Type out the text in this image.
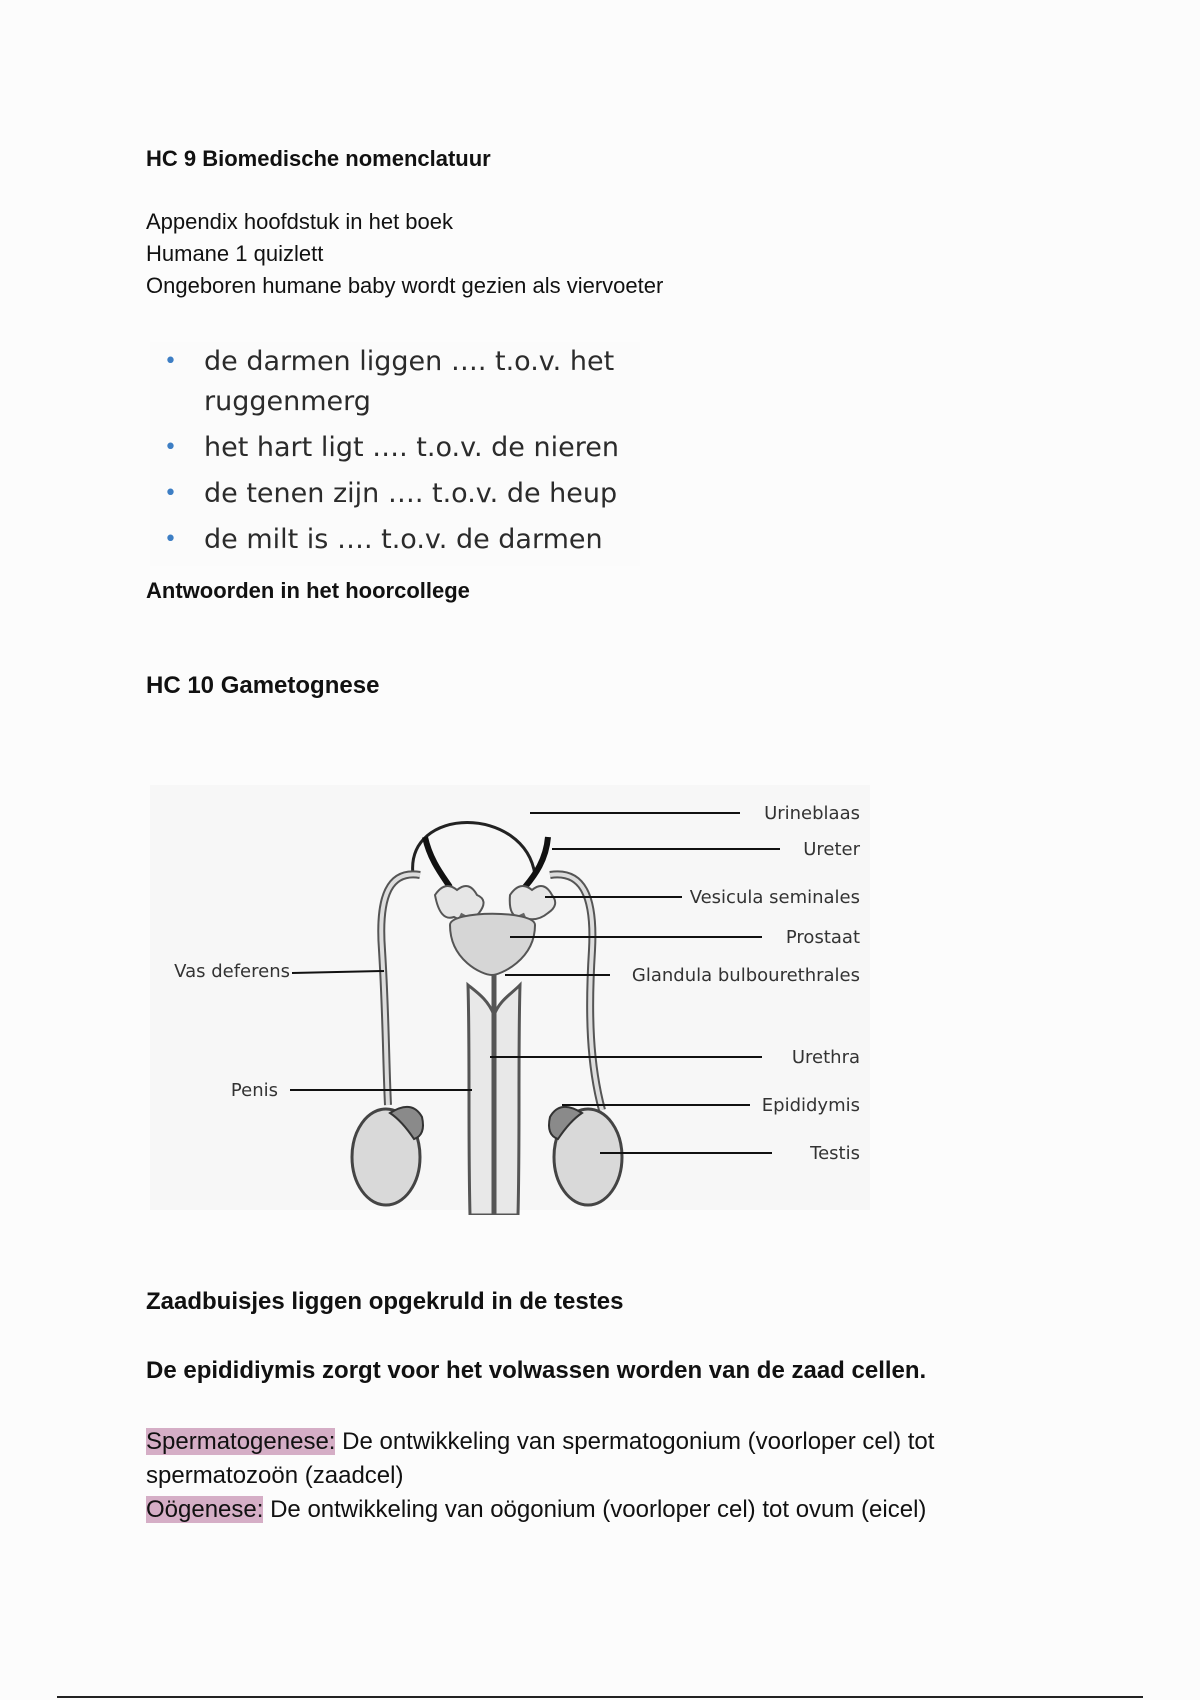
HC 9 Biomedische nomenclatuur
Appendix hoofdstuk in het boek
Humane 1 quizlett
Ongeboren humane baby wordt gezien als viervoeter
• de darmen liggen …. t.o.v. het ruggenmerg
• het hart ligt …. t.o.v. de nieren
• de tenen zijn …. t.o.v. de heup
• de milt is …. t.o.v. de darmen
Antwoorden in het hoorcollege
HC 10 Gametognese
Urineblaas
Ureter
Vesicula seminales
Prostaat
Glandula bulbourethrales
Vas deferens
Urethra
Penis
Epididymis
Testis
Zaadbuisjes liggen opgekruld in de testes
De epididiymis zorgt voor het volwassen worden van de zaad cellen.
Spermatogenese: De ontwikkeling van spermatogonium (voorloper cel) tot spermatozoön (zaadcel)
Oögenese: De ontwikkeling van oögonium (voorloper cel) tot ovum (eicel)
